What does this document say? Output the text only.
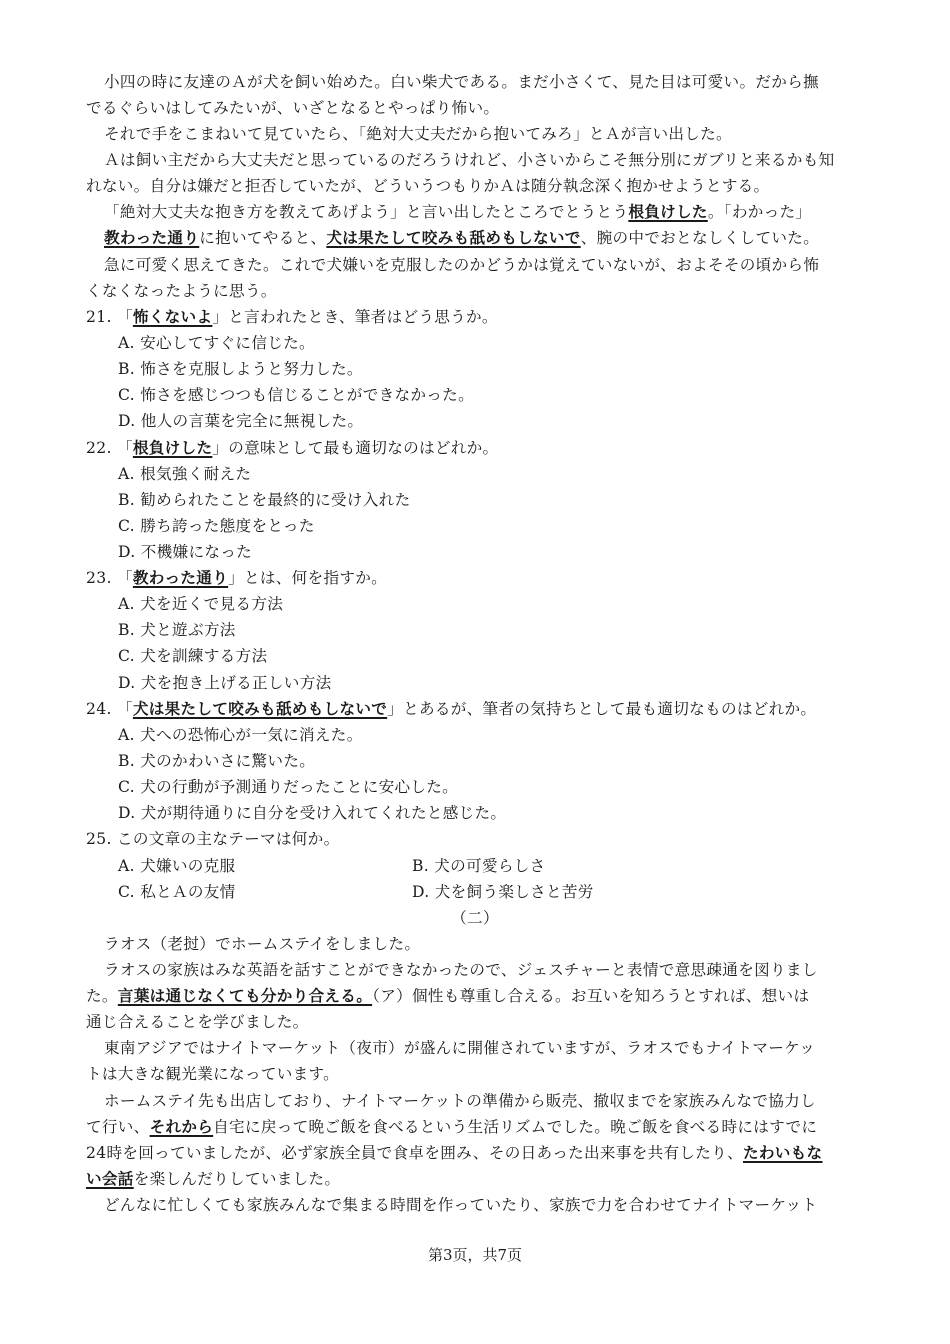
小四の時に友達のＡが犬を飼い始めた。白い柴犬である。まだ小さくて、見た目は可愛い。だから撫
でるぐらいはしてみたいが、いざとなるとやっぱり怖い。
それで手をこまねいて見ていたら、「絶対大丈夫だから抱いてみろ」とＡが言い出した。
Ａは飼い主だから大丈夫だと思っているのだろうけれど、小さいからこそ無分別にガブリと来るかも知
れない。自分は嫌だと拒否していたが、どういうつもりかＡは随分執念深く抱かせようとする。
「絶対大丈夫な抱き方を教えてあげよう」と言い出したところでとうとう根負けした。「わかった」
教わった通りに抱いてやると、犬は果たして咬みも舐めもしないで、腕の中でおとなしくしていた。
急に可愛く思えてきた。これで犬嫌いを克服したのかどうかは覚えていないが、およそその頃から怖
くなくなったように思う。
21. 「怖くないよ」と言われたとき、筆者はどう思うか。
A. 安心してすぐに信じた。
B. 怖さを克服しようと努力した。
C. 怖さを感じつつも信じることができなかった。
D. 他人の言葉を完全に無視した。
22. 「根負けした」の意味として最も適切なのはどれか。
A. 根気強く耐えた
B. 勧められたことを最終的に受け入れた
C. 勝ち誇った態度をとった
D. 不機嫌になった
23. 「教わった通り」とは、何を指すか。
A. 犬を近くで見る方法
B. 犬と遊ぶ方法
C. 犬を訓練する方法
D. 犬を抱き上げる正しい方法
24. 「犬は果たして咬みも舐めもしないで」とあるが、筆者の気持ちとして最も適切なものはどれか。
A. 犬への恐怖心が一気に消えた。
B. 犬のかわいさに驚いた。
C. 犬の行動が予測通りだったことに安心した。
D. 犬が期待通りに自分を受け入れてくれたと感じた。
25. この文章の主なテーマは何か。
A. 犬嫌いの克服	B. 犬の可愛らしさ
C. 私とＡの友情	D. 犬を飼う楽しさと苦労
（二）
ラオス（老挝）でホームステイをしました。
ラオスの家族はみな英語を話すことができなかったので、ジェスチャーと表情で意思疎通を図りまし
た。言葉は通じなくても分かり合える。（ア）個性も尊重し合える。お互いを知ろうとすれば、想いは
通じ合えることを学びました。
東南アジアではナイトマーケット（夜市）が盛んに開催されていますが、ラオスでもナイトマーケッ
トは大きな観光業になっています。
ホームステイ先も出店しており、ナイトマーケットの準備から販売、撤収までを家族みんなで協力し
て行い、それから自宅に戻って晩ご飯を食べるという生活リズムでした。晩ご飯を食べる時にはすでに
24時を回っていましたが、必ず家族全員で食卓を囲み、その日あった出来事を共有したり、たわいもな
い会話を楽しんだりしていました。
どんなに忙しくても家族みんなで集まる時間を作っていたり、家族で力を合わせてナイトマーケット
第3页，共7页
